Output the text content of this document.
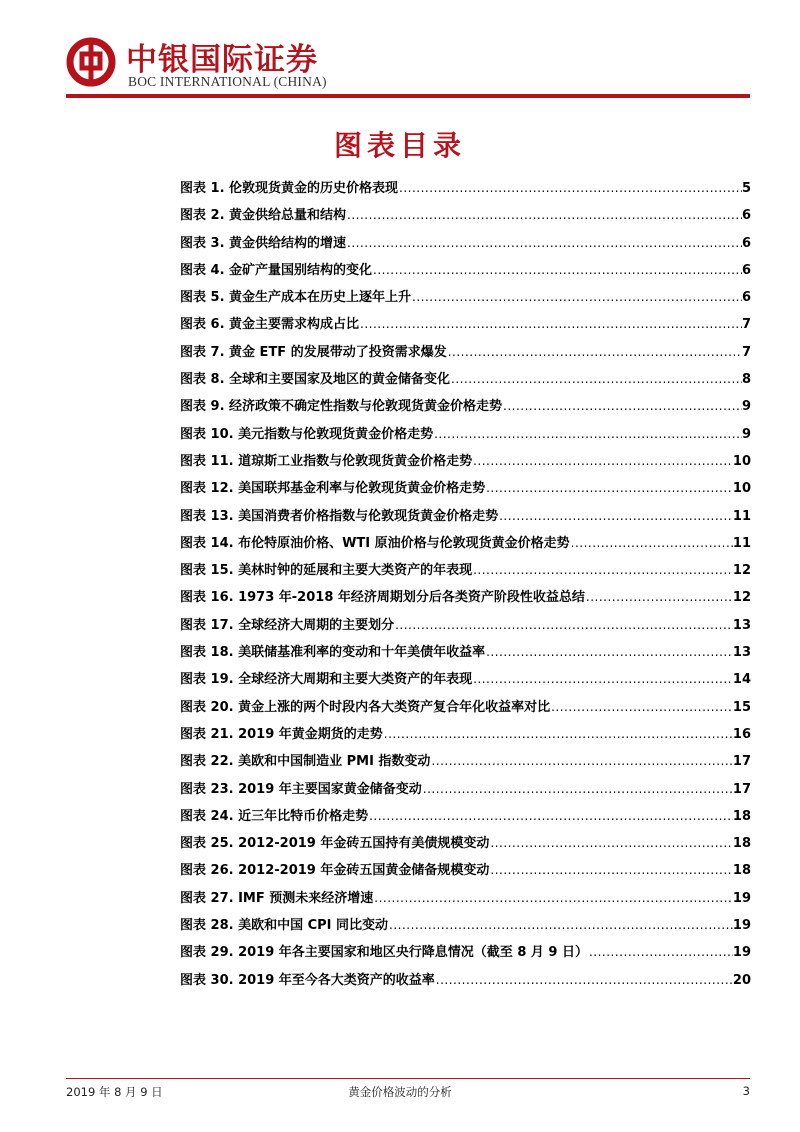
中银国际证券
BOC INTERNATIONAL (CHINA)
图表目录
图表 1. 伦敦现货黄金的历史价格表现 .....	5
图表 2. 黄金供给总量和结构 .....	6
图表 3. 黄金供给结构的增速 .....	6
图表 4. 金矿产量国别结构的变化 .....	6
图表 5. 黄金生产成本在历史上逐年上升 .....	6
图表 6. 黄金主要需求构成占比 .....	7
图表 7. 黄金 ETF 的发展带动了投资需求爆发 .....	7
图表 8. 全球和主要国家及地区的黄金储备变化 .....	8
图表 9. 经济政策不确定性指数与伦敦现货黄金价格走势 .....	9
图表 10. 美元指数与伦敦现货黄金价格走势 .....	9
图表 11. 道琼斯工业指数与伦敦现货黄金价格走势 .....	10
图表 12. 美国联邦基金利率与伦敦现货黄金价格走势 .....	10
图表 13. 美国消费者价格指数与伦敦现货黄金价格走势 .....	11
图表 14. 布伦特原油价格、WTI 原油价格与伦敦现货黄金价格走势 .....	11
图表 15. 美林时钟的延展和主要大类资产的年表现 .....	12
图表 16. 1973 年-2018 年经济周期划分后各类资产阶段性收益总结 .....	12
图表 17. 全球经济大周期的主要划分 .....	13
图表 18. 美联储基准利率的变动和十年美债年收益率 .....	13
图表 19. 全球经济大周期和主要大类资产的年表现 .....	14
图表 20. 黄金上涨的两个时段内各大类资产复合年化收益率对比 .....	15
图表 21. 2019 年黄金期货的走势 .....	16
图表 22. 美欧和中国制造业 PMI 指数变动 .....	17
图表 23. 2019 年主要国家黄金储备变动 .....	17
图表 24. 近三年比特币价格走势 .....	18
图表 25. 2012-2019 年金砖五国持有美债规模变动 .....	18
图表 26. 2012-2019 年金砖五国黄金储备规模变动 .....	18
图表 27. IMF 预测未来经济增速 .....	19
图表 28. 美欧和中国 CPI 同比变动 .....	19
图表 29. 2019 年各主要国家和地区央行降息情况（截至 8 月 9 日） .....	19
图表 30. 2019 年至今各大类资产的收益率 .....	20
2019 年 8 月 9 日	黄金价格波动的分析	3
